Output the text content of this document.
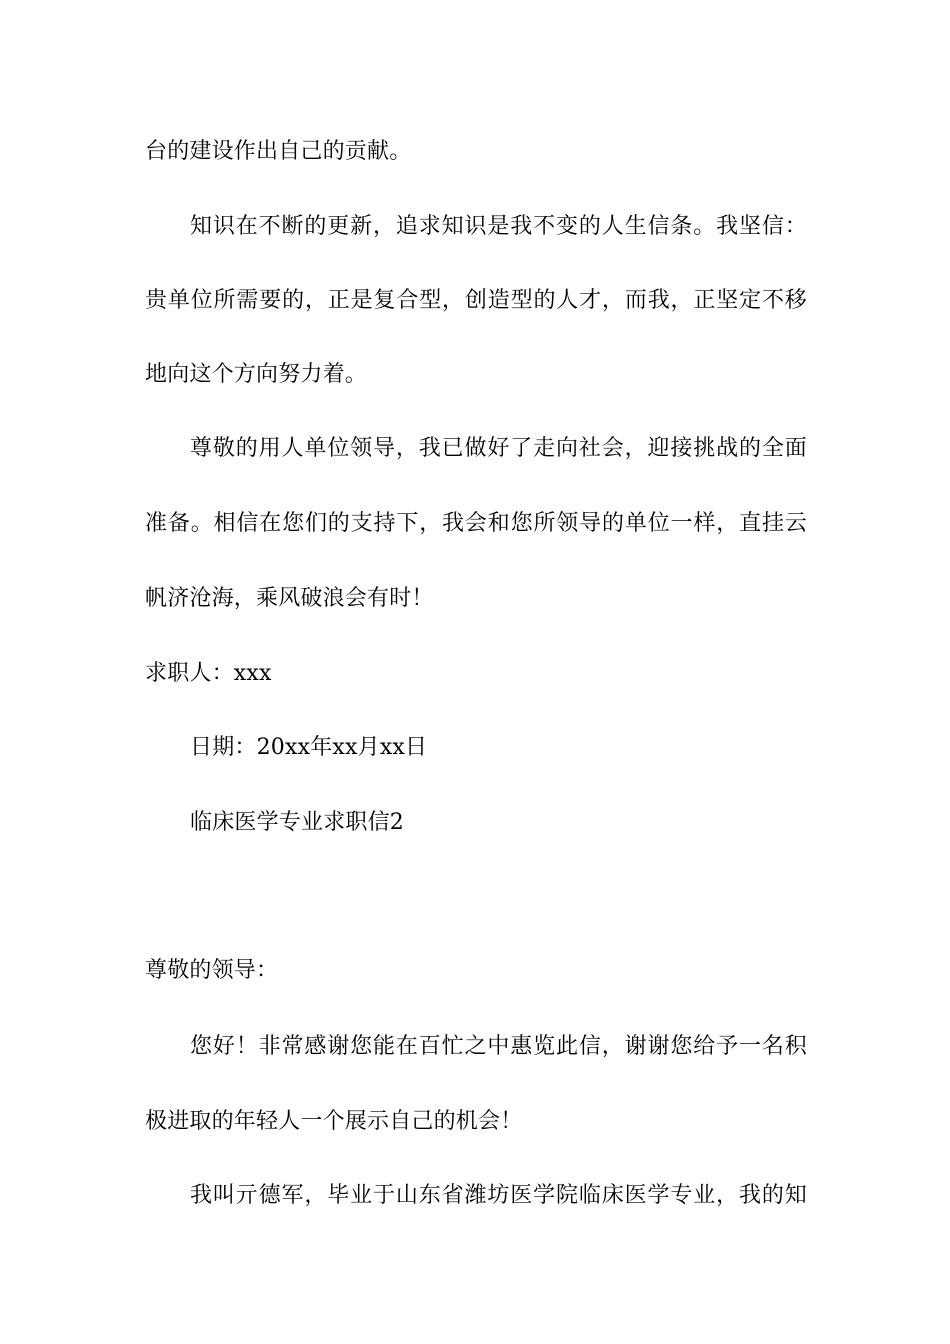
台的建设作出自己的贡献。
知识在不断的更新，追求知识是我不变的人生信条。我坚信：
贵单位所需要的，正是复合型，创造型的人才，而我，正坚定不移
地向这个方向努力着。
尊敬的用人单位领导，我已做好了走向社会，迎接挑战的全面
准备。相信在您们的支持下，我会和您所领导的单位一样，直挂云
帆济沧海，乘风破浪会有时！
求职人：xxx
日期：20xx年xx月xx日
临床医学专业求职信2
尊敬的领导：
您好！非常感谢您能在百忙之中惠览此信，谢谢您给予一名积
极进取的年轻人一个展示自己的机会！
我叫亓德军，毕业于山东省潍坊医学院临床医学专业，我的知
